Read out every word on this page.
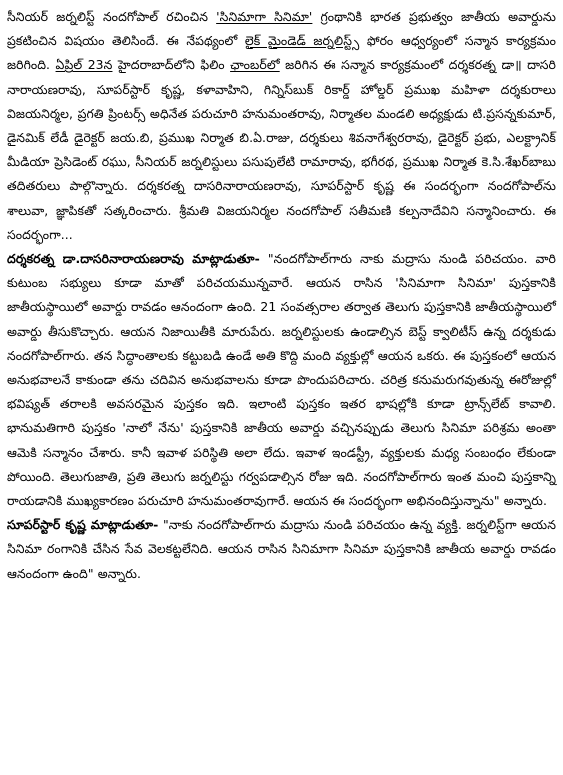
సీనియర్ జర్నలిస్ట్ నందగోపాల్ రచించిన 'సినిమాగా సినిమా' గ్రంథానికి భారత ప్రభుత్వం జాతీయ అవార్డును ప్రకటించిన విషయం తెలిసిందే. ఈ నేపథ్యంలో లైక్ మైండెడ్ జర్నలిస్ట్స్ ఫోరం ఆధ్వర్యంలో సన్మాన కార్యక్రమం జరిగింది. ఏప్రిల్ 23న హైదరాబాద్‌లోని ఫిలిం ఛాంబర్‌లో జరిగిన ఈ సన్మాన కార్యక్రమంలో దర్శకరత్న డా॥ దాసరి నారాయణరావు, సూపర్‌స్టార్ కృష్ణ, కళావాహిని, గిన్నిస్‌బుక్ రికార్డ్ హోల్డర్ ప్రముఖ మహిళా దర్శకురాలు విజయనిర్మల, ప్రగతి ప్రింటర్స్ అధినేత పరుచూరి హనుమంతరావు, నిర్మాతల మండలి అధ్యక్షుడు టి.ప్రసన్నకుమార్, డైనమిక్ లేడీ డైరెక్టర్ జయ.బి, ప్రముఖ నిర్మాత బి.ఏ.రాజు, దర్శకులు శివనాగేశ్వరరావు, డైరెక్టర్ ప్రభు, ఎలక్ట్రానిక్ మీడియా ప్రెసిడెంట్ రఘు, సీనియర్ జర్నలిస్టులు పసుపులేటి రామారావు, భగీరథ, ప్రముఖ నిర్మాత కె.సి.శేఖర్‌బాబు తదితరులు పాల్గొన్నారు. దర్శకరత్న దాసరినారాయణరావు, సూపర్‌స్టార్ కృష్ణ ఈ సందర్భంగా నందగోపాల్‌ను శాలువా, జ్ఞాపికతో సత్కరించారు. శ్రీమతి విజయనిర్మల నందగోపాల్ సతీమణి కల్పనాదేవిని సన్మానించారు. ఈ సందర్భంగా...

దర్శకరత్న డా.దాసరినారాయణరావు మాట్లాడుతూ- "నందగోపాల్‌గారు నాకు మద్రాసు నుండి పరిచయం. వారి కుటుంబ సభ్యులు కూడా మాతో పరిచయమున్నవారే. ఆయన రాసిన 'సినిమాగా సినిమా' పుస్తకానికి జాతీయస్థాయిలో అవార్డు రావడం ఆనందంగా ఉంది. 21 సంవత్సరాల తర్వాత తెలుగు పుస్తకానికి జాతీయస్థాయిలో అవార్డు తీసుకొచ్చారు. ఆయన నిజాయితీకి మారుపేరు. జర్నలిస్టులకు ఉండాల్సిన బెస్ట్ క్వాలిటీస్ ఉన్న దర్శకుడు నందగోపాల్‌గారు. తన సిద్ధాంతాలకు కట్టుబడి ఉండే అతి కొద్ది మంది వ్యక్తుల్లో ఆయన ఒకరు. ఈ పుస్తకంలో ఆయన అనుభవాలనే కాకుండా తను చదివిన అనుభవాలను కూడా పొందుపరిచారు. చరిత్ర కనుమరుగవుతున్న ఈరోజుల్లో భవిష్యత్ తరాలకి అవసరమైన పుస్తకం ఇది. ఇలాంటి పుస్తకం ఇతర భాషల్లోకి కూడా ట్రాన్స్‌లేట్ కావాలి. భానుమతిగారి పుస్తకం 'నాలో నేను' పుస్తకానికి జాతీయ అవార్డు వచ్చినప్పుడు తెలుగు సినిమా పరిశ్రమ అంతా ఆమెకి సన్మానం చేశారు. కానీ ఇవాళ పరిస్థితి అలా లేదు. ఇవాళ ఇండస్ట్రీ, వ్యక్తులకు మధ్య సంబంధం లేకుండా పోయింది. తెలుగుజాతి, ప్రతి తెలుగు జర్నలిస్టు గర్వపడాల్సిన రోజు ఇది. నందగోపాల్‌గారు ఇంత మంచి పుస్తకాన్ని రాయడానికి ముఖ్యకారణం పరుచూరి హనుమంతరావుగారే. ఆయన ఈ సందర్భంగా అభినందిస్తున్నాను" అన్నారు.

సూపర్‌స్టార్ కృష్ణ మాట్లాడుతూ- "నాకు నందగోపాల్‌గారు మద్రాసు నుండి పరిచయం ఉన్న వ్యక్తి. జర్నలిస్ట్‌గా ఆయన సినిమా రంగానికి చేసిన సేవ వెలకట్టలేనిది. ఆయన రాసిన సినిమాగా సినిమా పుస్తకానికి జాతీయ అవార్డు రావడం ఆనందంగా ఉంది" అన్నారు.
